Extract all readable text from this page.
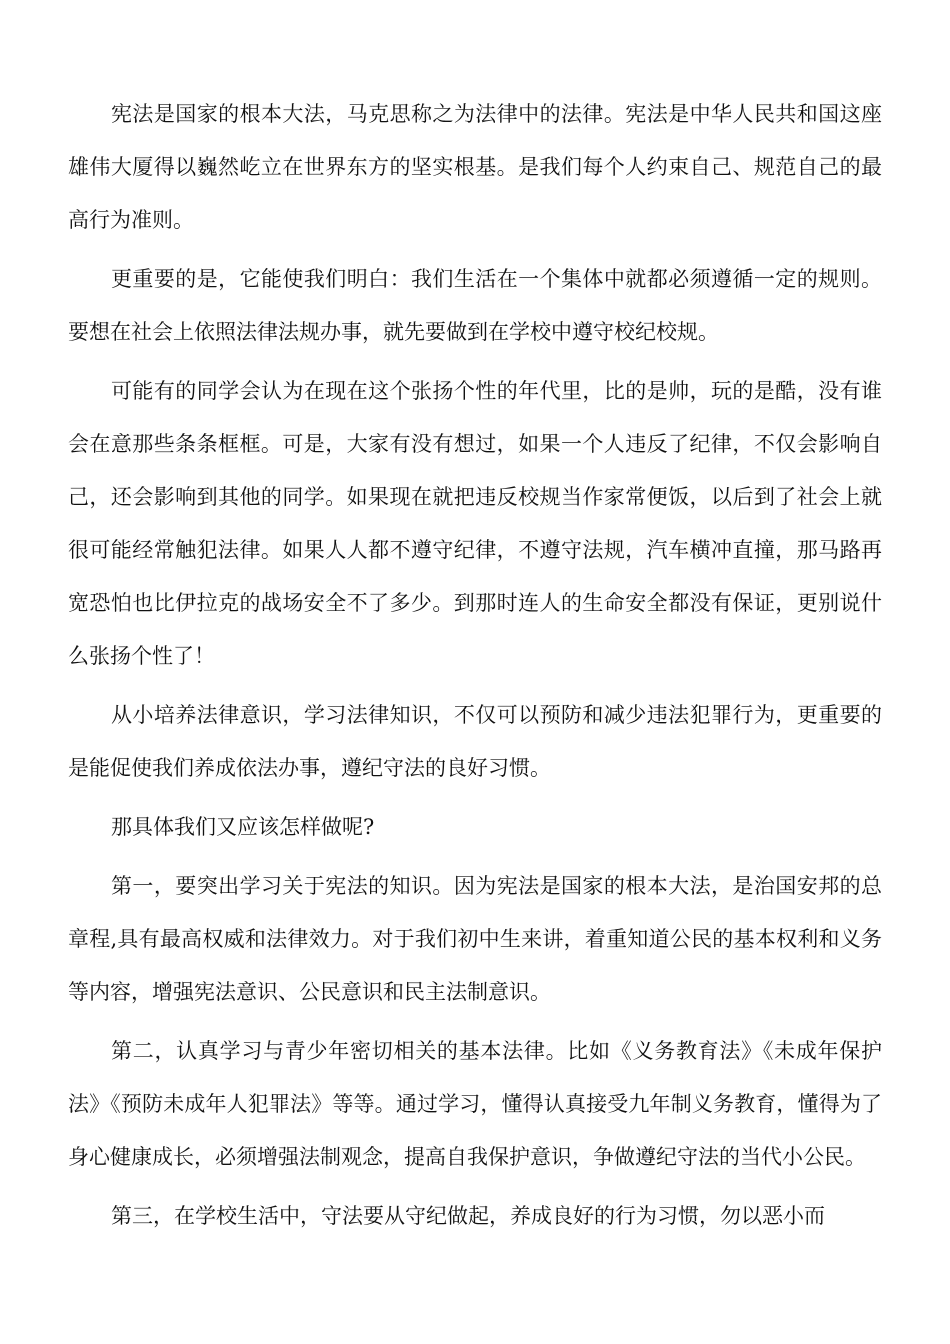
宪法是国家的根本大法，马克思称之为法律中的法律。宪法是中华人民共和国这座雄伟大厦得以巍然屹立在世界东方的坚实根基。是我们每个人约束自己、规范自己的最高行为准则。

更重要的是，它能使我们明白：我们生活在一个集体中就都必须遵循一定的规则。要想在社会上依照法律法规办事，就先要做到在学校中遵守校纪校规。

可能有的同学会认为在现在这个张扬个性的年代里，比的是帅，玩的是酷，没有谁会在意那些条条框框。可是，大家有没有想过，如果一个人违反了纪律，不仅会影响自己，还会影响到其他的同学。如果现在就把违反校规当作家常便饭，以后到了社会上就很可能经常触犯法律。如果人人都不遵守纪律，不遵守法规，汽车横冲直撞，那马路再宽恐怕也比伊拉克的战场安全不了多少。到那时连人的生命安全都没有保证，更别说什么张扬个性了！

从小培养法律意识，学习法律知识，不仅可以预防和减少违法犯罪行为，更重要的是能促使我们养成依法办事，遵纪守法的良好习惯。

那具体我们又应该怎样做呢?

第一，要突出学习关于宪法的知识。因为宪法是国家的根本大法，是治国安邦的总章程,具有最高权威和法律效力。对于我们初中生来讲，着重知道公民的基本权利和义务等内容，增强宪法意识、公民意识和民主法制意识。

第二，认真学习与青少年密切相关的基本法律。比如《义务教育法》《未成年保护法》《预防未成年人犯罪法》等等。通过学习，懂得认真接受九年制义务教育，懂得为了身心健康成长，必须增强法制观念，提高自我保护意识，争做遵纪守法的当代小公民。

第三，在学校生活中，守法要从守纪做起，养成良好的行为习惯，勿以恶小而
